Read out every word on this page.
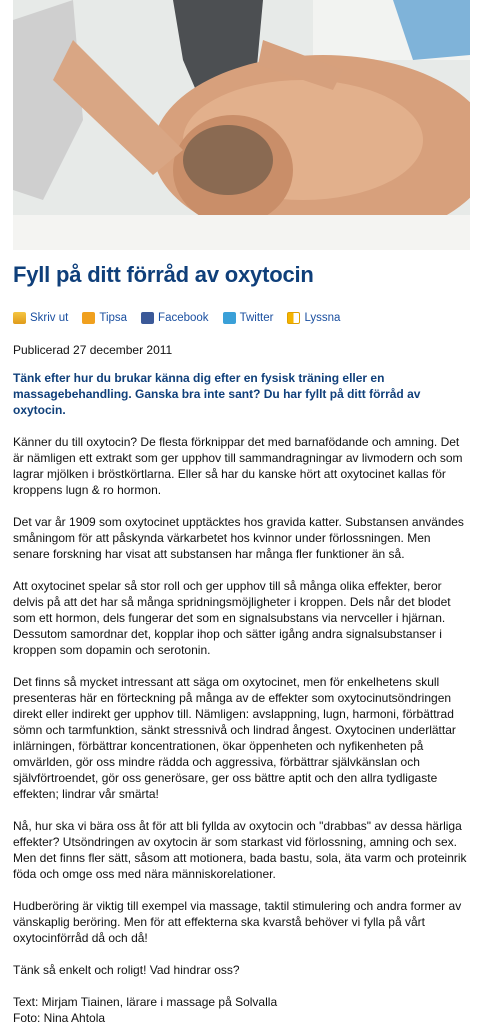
Fyll på ditt förråd av oxytocin
Skriv ut	Tipsa	Facebook	Twitter	Lyssna

Publicerad 27 december 2011

Tänk efter hur du brukar känna dig efter en fysisk träning eller en massagebehandling. Ganska bra inte sant? Du har fyllt på ditt förråd av oxytocin.

Känner du till oxytocin? De flesta förknippar det med barnafödande och amning. Det är nämligen ett extrakt som ger upphov till sammandragningar av livmodern och som lagrar mjölken i bröstkörtlarna. Eller så har du kanske hört att oxytocinet kallas för kroppens lugn & ro hormon.

Det var år 1909 som oxytocinet upptäcktes hos gravida katter. Substansen användes småningom för att påskynda värkarbetet hos kvinnor under förlossningen. Men senare forskning har visat att substansen har många fler funktioner än så.

Att oxytocinet spelar så stor roll och ger upphov till så många olika effekter, beror delvis på att det har så många spridningsmöjligheter i kroppen. Dels når det blodet som ett hormon, dels fungerar det som en signalsubstans via nervceller i hjärnan. Dessutom samordnar det, kopplar ihop och sätter igång andra signalsubstanser i kroppen som dopamin och serotonin.

Det finns så mycket intressant att säga om oxytocinet, men för enkelhetens skull presenteras här en förteckning på många av de effekter som oxytocinutsöndringen direkt eller indirekt ger upphov till. Nämligen: avslappning, lugn, harmoni, förbättrad sömn och tarmfunktion, sänkt stressnivå och lindrad ångest. Oxytocinen underlättar inlärningen, förbättrar koncentrationen, ökar öppenheten och nyfikenheten på omvärlden, gör oss mindre rädda och aggressiva, förbättrar självkänslan och självförtroendet, gör oss generösare, ger oss bättre aptit och den allra tydligaste effekten; lindrar vår smärta!

Nå, hur ska vi bära oss åt för att bli fyllda av oxytocin och "drabbas" av dessa härliga effekter? Utsöndringen av oxytocin är som starkast vid förlossning, amning och sex. Men det finns fler sätt, såsom att motionera, bada bastu, sola, äta varm och proteinrik föda och omge oss med nära människorelationer.

Hudberöring är viktig till exempel via massage, taktil stimulering och andra former av vänskaplig beröring. Men för att effekterna ska kvarstå behöver vi fylla på vårt oxytocinförråd då och då!

Tänk så enkelt och roligt! Vad hindrar oss?

Text: Mirjam Tiainen, lärare i massage på Solvalla

Foto: Nina Ahtola
